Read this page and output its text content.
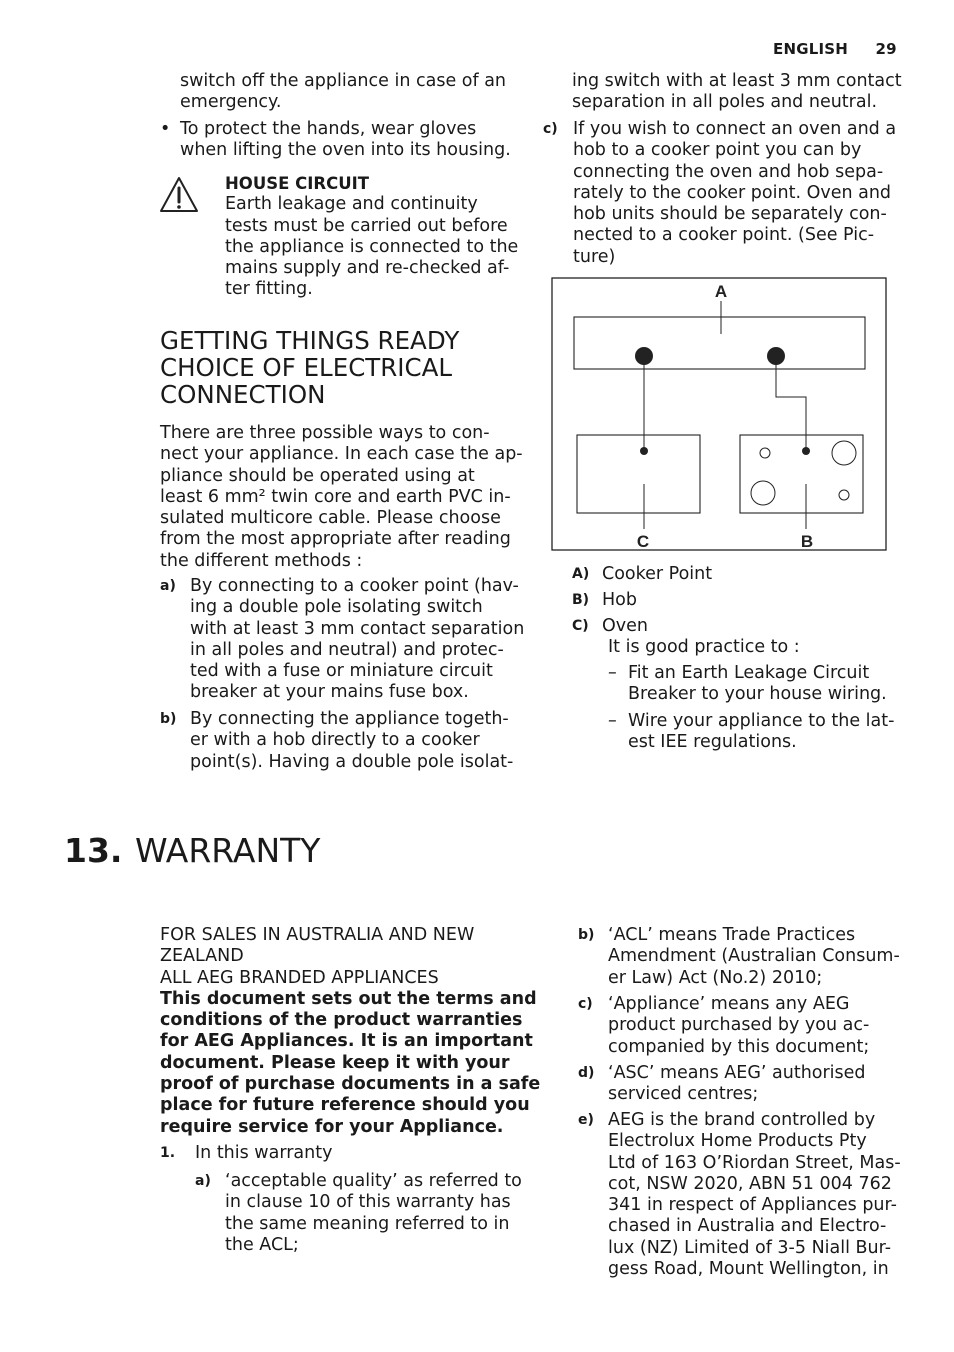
ENGLISH 29
switch off the appliance in case of an
emergency.
• To protect the hands, wear gloves
when lifting the oven into its housing.
HOUSE CIRCUIT
Earth leakage and continuity
tests must be carried out before
the appliance is connected to the
mains supply and re-checked af-
ter fitting.
GETTING THINGS READY
CHOICE OF ELECTRICAL
CONNECTION
There are three possible ways to con-
nect your appliance. In each case the ap-
pliance should be operated using at
least 6 mm² twin core and earth PVC in-
sulated multicore cable. Please choose
from the most appropriate after reading
the different methods :
a) By connecting to a cooker point (hav-
ing a double pole isolating switch
with at least 3 mm contact separation
in all poles and neutral) and protec-
ted with a fuse or miniature circuit
breaker at your mains fuse box.
b) By connecting the appliance togeth-
er with a hob directly to a cooker
point(s). Having a double pole isolat-
ing switch with at least 3 mm contact
separation in all poles and neutral.
c) If you wish to connect an oven and a
hob to a cooker point you can by
connecting the oven and hob sepa-
rately to the cooker point. Oven and
hob units should be separately con-
nected to a cooker point. (See Pic-
ture)
A
C	B
A) Cooker Point
B) Hob
C) Oven
It is good practice to :
– Fit an Earth Leakage Circuit
Breaker to your house wiring.
– Wire your appliance to the lat-
est IEE regulations.
13. WARRANTY
FOR SALES IN AUSTRALIA AND NEW
ZEALAND
ALL AEG BRANDED APPLIANCES
This document sets out the terms and
conditions of the product warranties
for AEG Appliances. It is an important
document. Please keep it with your
proof of purchase documents in a safe
place for future reference should you
require service for your Appliance.
1.	In this warranty
a) ‘acceptable quality’ as referred to
in clause 10 of this warranty has
the same meaning referred to in
the ACL;
b) ‘ACL’ means Trade Practices
Amendment (Australian Consum-
er Law) Act (No.2) 2010;
c) ‘Appliance’ means any AEG
product purchased by you ac-
companied by this document;
d) ‘ASC’ means AEG’ authorised
serviced centres;
e) AEG is the brand controlled by
Electrolux Home Products Pty
Ltd of 163 O’Riordan Street, Mas-
cot, NSW 2020, ABN 51 004 762
341 in respect of Appliances pur-
chased in Australia and Electro-
lux (NZ) Limited of 3-5 Niall Bur-
gess Road, Mount Wellington, in
